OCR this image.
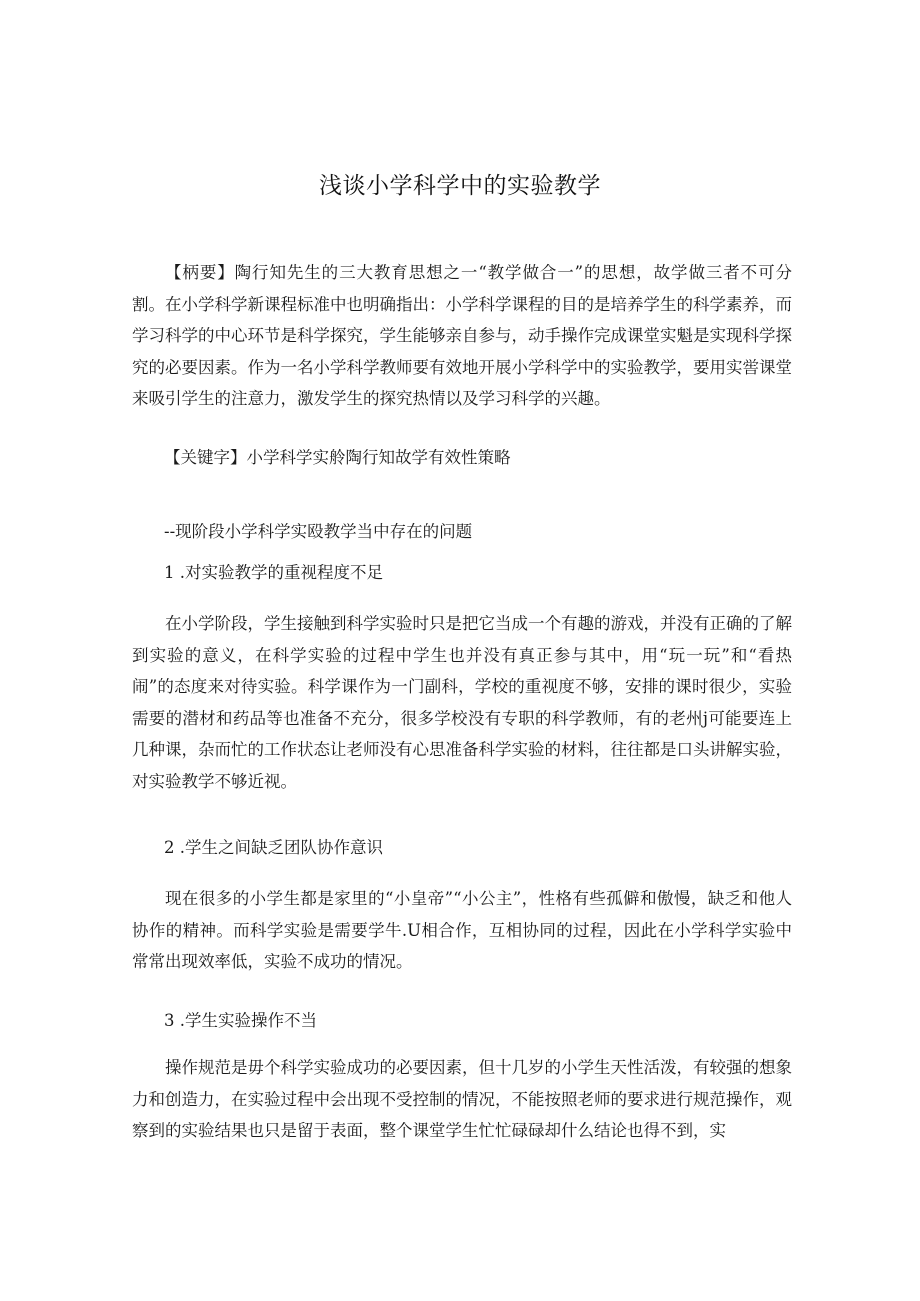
浅谈小学科学中的实验教学

【柄要】陶行知先生的三大教育思想之一“教学做合一”的思想，故学做三者不可分割。在小学科学新课程标准中也明确指出：小学科学课程的目的是培养学生的科学素养，而学习科学的中心环节是科学探究，学生能够亲自参与，动手操作完成课堂实魁是实现科学探究的必要因素。作为一名小学科学教师要有效地开展小学科学中的实验教学，要用实喾课堂来吸引学生的注意力，激发学生的探究热情以及学习科学的兴趣。

【关键字】小学科学实舲陶行知故学有效性策略

--现阶段小学科学实殴教学当中存在的问题

1 .对实验教学的重视程度不足

在小学阶段，学生接触到科学实验时只是把它当成一个有趣的游戏，并没有正确的了解到实验的意义，在科学实验的过程中学生也并没有真正参与其中，用“玩一玩”和“看热闹”的态度来对待实验。科学课作为一门副科，学校的重视度不够，安排的课时很少，实验需要的潜材和药品等也准备不充分，很多学校没有专职的科学教师，有的老州j可能要连上几种课，杂而忙的工作状态让老师没有心思准备科学实验的材料，往往都是口头讲解实验，对实验教学不够近视。

2 .学生之间缺乏团队协作意识

现在很多的小学生都是家里的“小皇帝”“小公主”，性格有些孤僻和傲慢，缺乏和他人协作的精神。而科学实验是需要学牛.U相合作，互相协同的过程，因此在小学科学实验中常常出现效率低，实验不成功的情况。

3 .学生实验操作不当

操作规范是毋个科学实验成功的必要因素，但十几岁的小学生天性活泼，有较强的想象力和创造力，在实验过程中会出现不受控制的情况，不能按照老师的要求进行规范操作，观察到的实验结果也只是留于表面，整个课堂学生忙忙碌碌却什么结论也得不到，实
